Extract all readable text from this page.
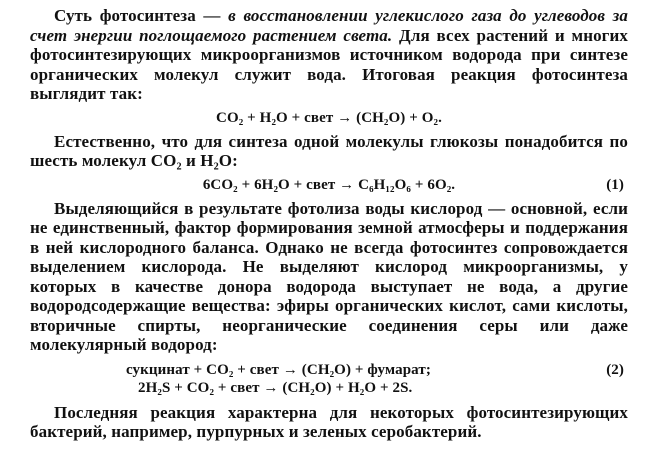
Суть фотосинтеза — в восстановлении углекислого газа до углеводов за счет энергии поглощаемого растением света. Для всех растений и многих фотосинтезирующих микроорганизмов источником водорода при синтезе органических молекул служит вода. Итоговая реакция фотосинтеза выглядит так:

CO₂ + H₂O + свет → (CH₂O) + O₂.

Естественно, что для синтеза одной молекулы глюкозы понадобится по шесть молекул CO₂ и H₂O:

6CO₂ + 6H₂O + свет → C₆H₁₂O₆ + 6O₂.	(1)

Выделяющийся в результате фотолиза воды кислород — основной, если не единственный, фактор формирования земной атмосферы и поддержания в ней кислородного баланса. Однако не всегда фотосинтез сопровождается выделением кислорода. Не выделяют кислород микроорганизмы, у которых в качестве донора водорода выступает не вода, а другие водородсодержащие вещества: эфиры органических кислот, сами кислоты, вторичные спирты, неорганические соединения серы или даже молекулярный водород:

сукцинат + CO₂ + свет → (CH₂O) + фумарат;	(2)
2H₂S + CO₂ + свет → (CH₂O) + H₂O + 2S.

Последняя реакция характерна для некоторых фотосинтезирующих бактерий, например, пурпурных и зеленых серобактерий.
